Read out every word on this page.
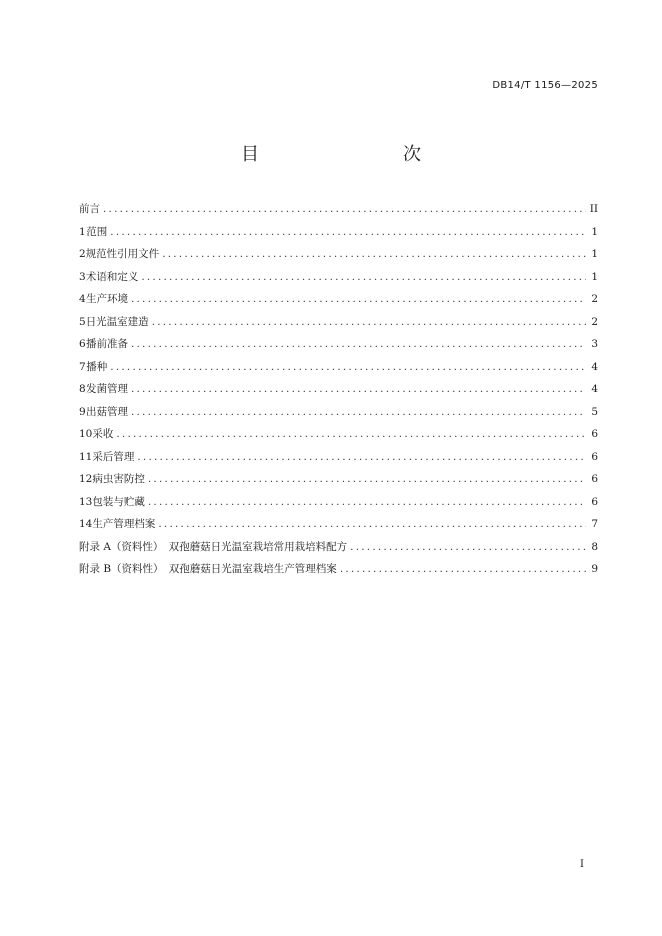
DB14/T 1156—2025
目　　次
前言 .....	II
1 范围 .....	1
2 规范性引用文件 .....	1
3 术语和定义 .....	1
4 生产环境 .....	2
5 日光温室建造 .....	2
6 播前准备 .....	3
7 播种 .....	4
8 发菌管理 .....	4
9 出菇管理 .....	5
10 采收 .....	6
11 采后管理 .....	6
12 病虫害防控 .....	6
13 包装与贮藏 .....	6
14 生产管理档案 .....	7
附录 A（资料性）　双孢蘑菇日光温室栽培常用栽培料配方 .....	8
附录 B（资料性）　双孢蘑菇日光温室栽培生产管理档案 .....	9
I
